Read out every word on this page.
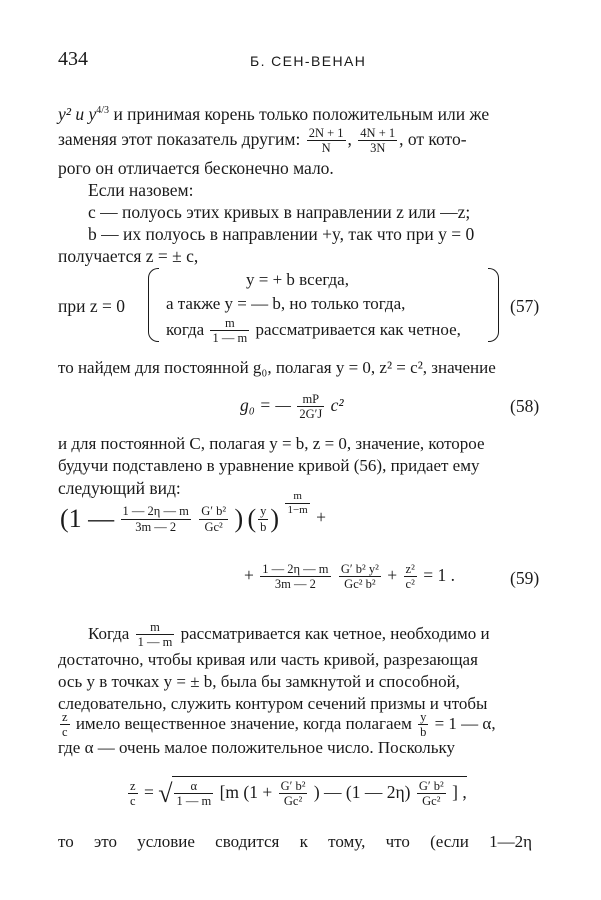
434	Б. СЕН-ВЕНАН
y² и $y^{4/3}$ и принимая корень только положительным или же
заменяя этот показатель другим: $\frac{2N + 1}{N}$ , $\frac{4N + 1}{3N}$ , от кото-
рого он отличается бесконечно мало.
Если назовем:
c — полуось этих кривых в направлении z или —z;
b — их полуось в направлении +y, так что при y = 0
получается z = ± c,
при z = 0
y = + b всегда,
а также y = — b, но только тогда,
когда $\frac{m}{1 — m}$ рассматривается как четное,
(57)
то найдем для постоянной g₀, полагая y = 0, z² = c², значение
g₀ = — $\frac{mP}{2G'J} c^2$	(58)
и для постоянной C, полагая y = b, z = 0, значение, которое
будучи подставлено в уравнение кривой (56), придает ему
следующий вид:
(1 — $\frac{1 — 2\eta — m}{3m — 2}$
$\frac{\text{G′ b²}}{\text{Gc²}}$ ) ( $\frac{y}{b}$ )
$\frac{m}{1-m}$
+
+ $\frac{1 — 2\eta — m}{3m — 2}$
$\frac{\text{G′ b² y²}}{\text{Gc² b²}} + \frac{\text{z²}}{\text{c²}} = 1$ .	(59)
Когда $\frac{m}{1 — m}$ рассматривается как четное, необходимо и
достаточно, чтобы кривая или часть кривой, разрезающая
ось y в точках y = ± b, была бы замкнутой и способной,
следовательно, служить контуром сечений призмы и чтобы
$\frac{z}{c}$ имело вещественное значение, когда полагаем $\frac{y}{b} = 1$ — α,
где α — очень малое положительное число. Поскольку
$\frac{z}{c}$ = √ $\frac{\alpha}{1 — m} [m$ ($1 + \frac{\text{G′ b²}}{\text{Gc²}}$ ) — (1 — $2\eta) \frac{\text{G′ b²}}{\text{Gc²}}$ ] ,
то это условие сводится к тому, что (если 1—2η
